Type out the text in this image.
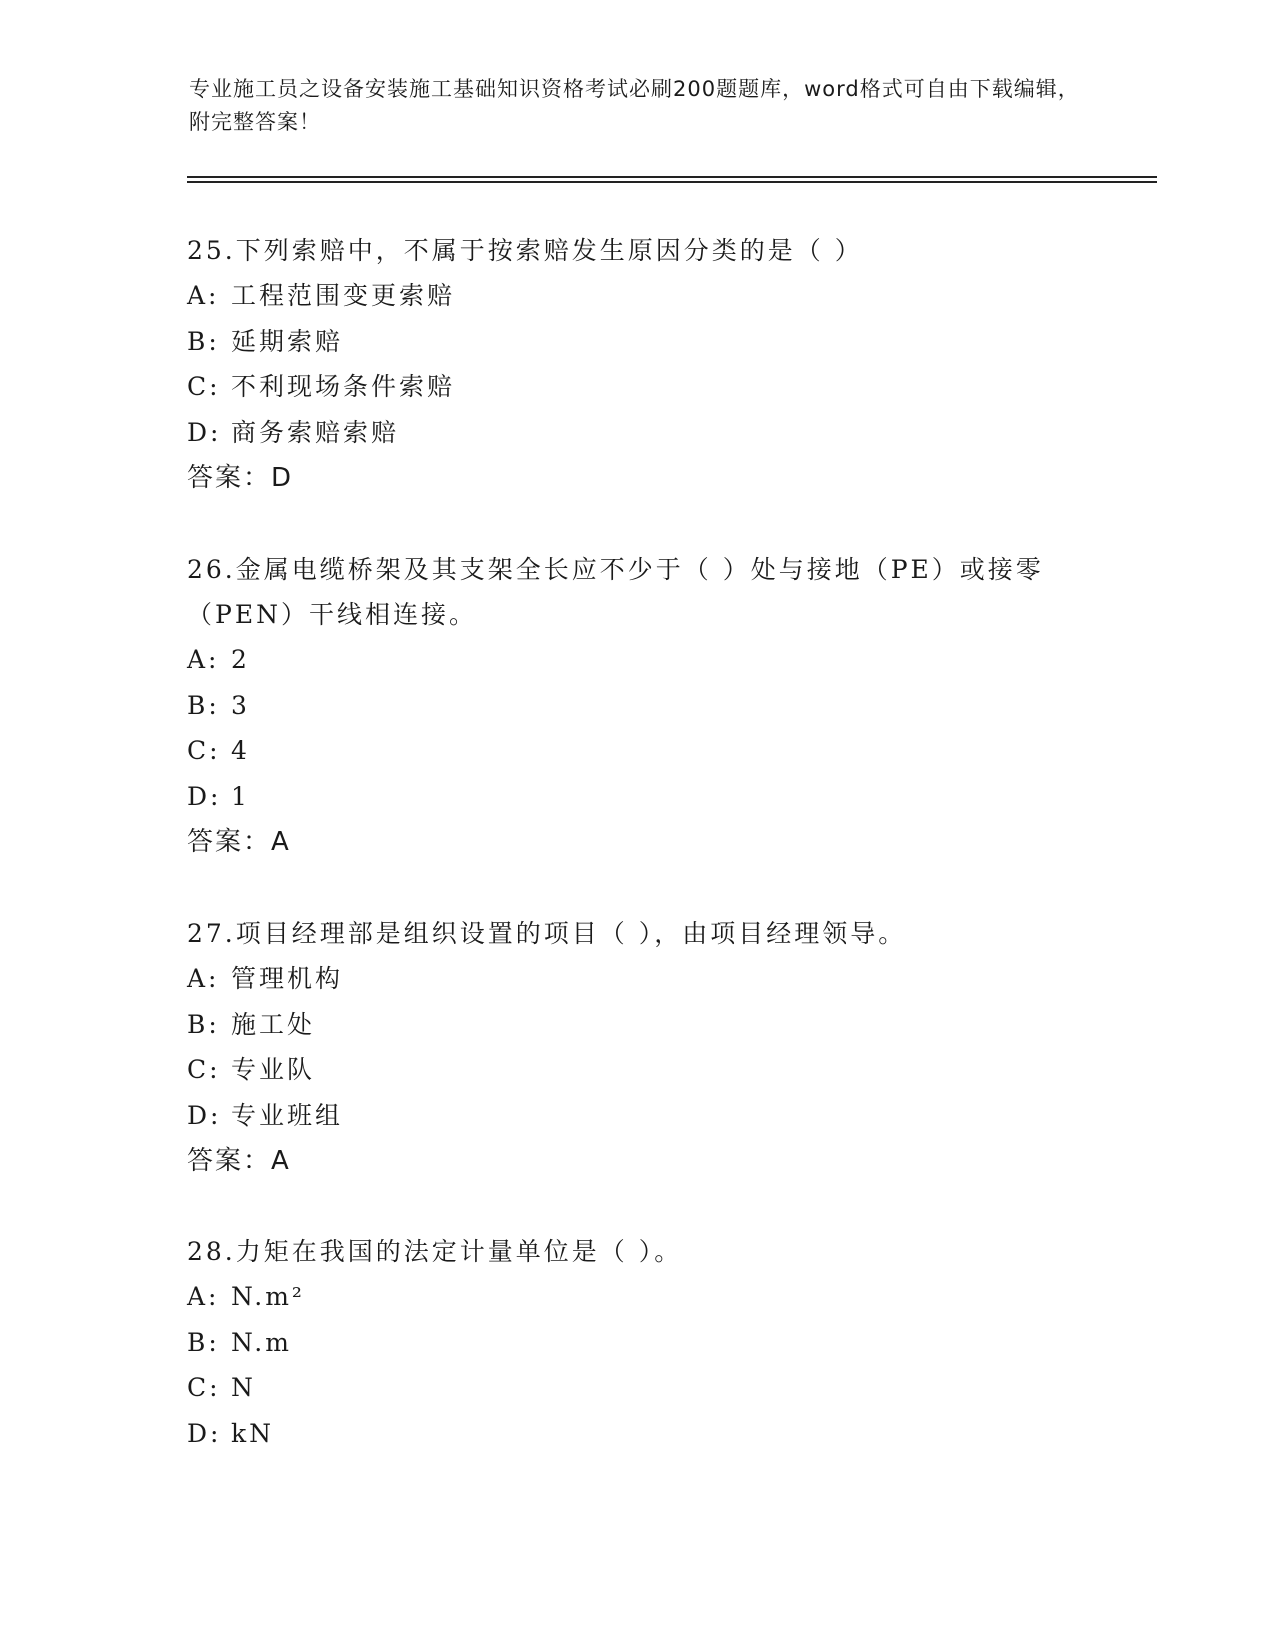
专业施工员之设备安装施工基础知识资格考试必刷200题题库，word格式可自由下载编辑，附完整答案！

25.下列索赔中，不属于按索赔发生原因分类的是（ ）

A: 工程范围变更索赔

B: 延期索赔

C: 不利现场条件索赔

D: 商务索赔索赔

答案：D

26.金属电缆桥架及其支架全长应不少于（ ）处与接地（PE）或接零（PEN）干线相连接。

A: 2

B: 3

C: 4

D: 1

答案：A

27.项目经理部是组织设置的项目（ ），由项目经理领导。

A: 管理机构

B: 施工处

C: 专业队

D: 专业班组

答案：A

28.力矩在我国的法定计量单位是（ ）。

A: N.m²

B: N.m

C: N

D: kN
